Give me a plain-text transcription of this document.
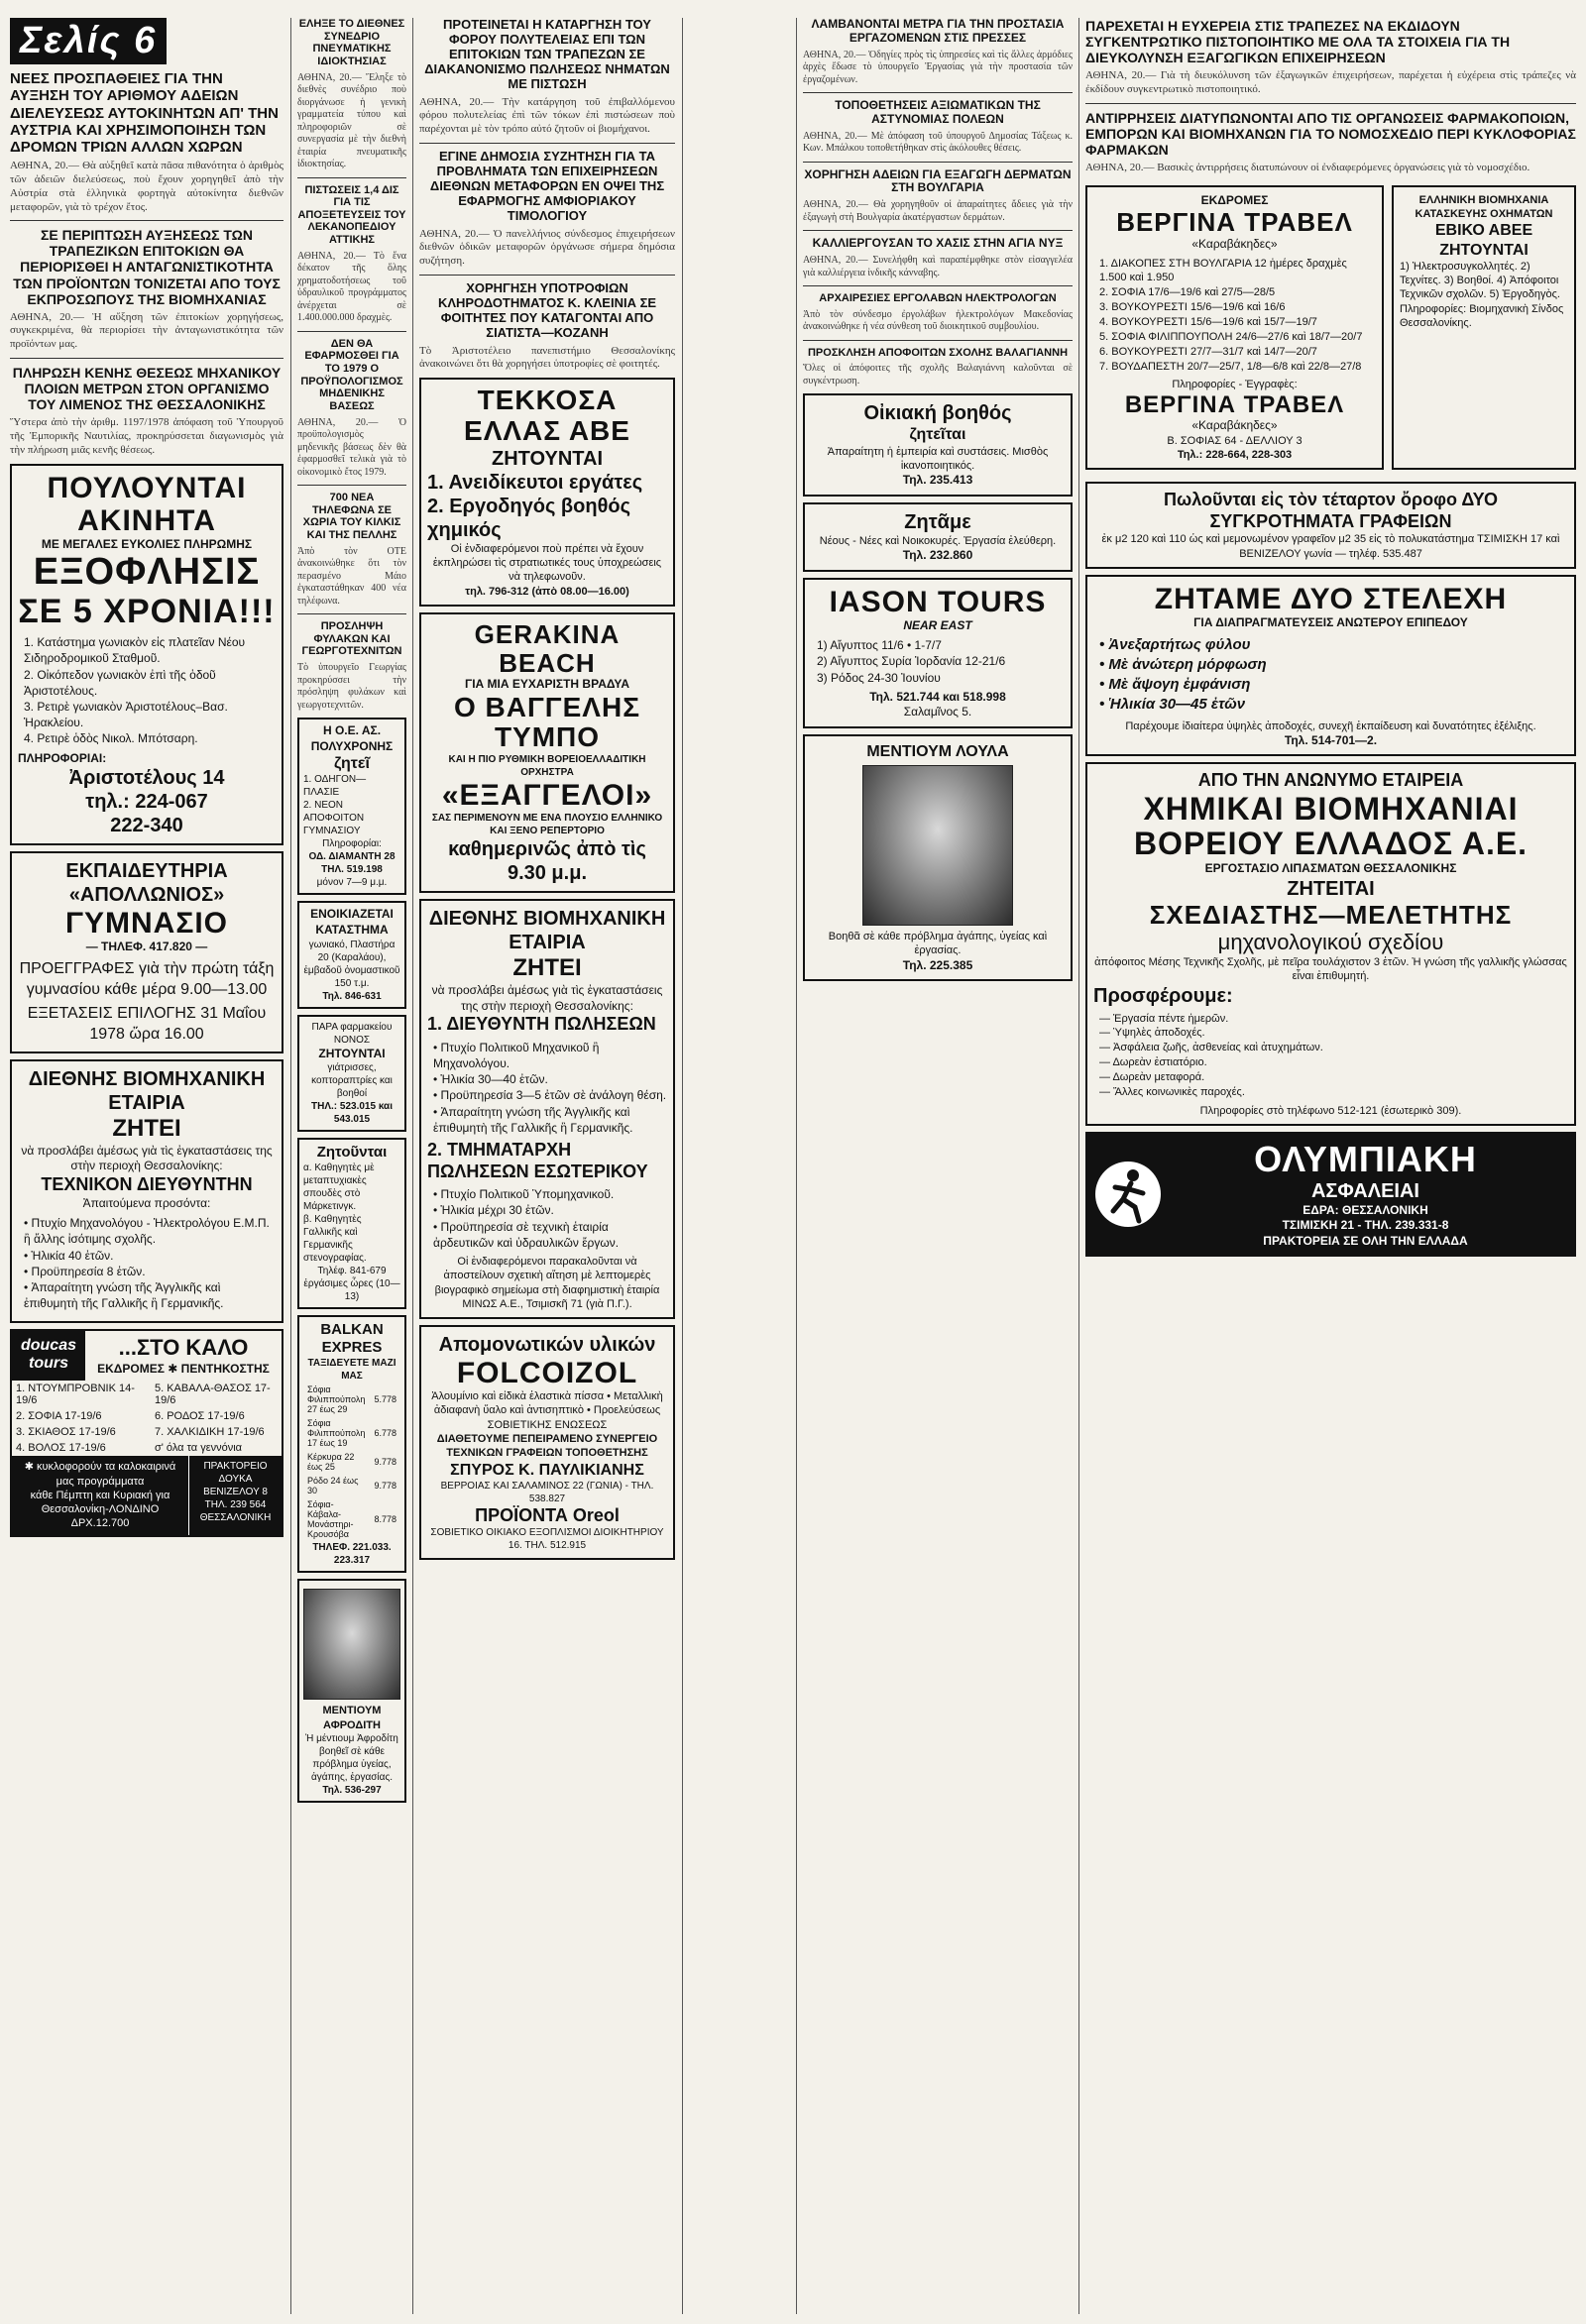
Σελίς 6
ΝΕΕΣ ΠΡΟΣΠΑΘΕΙΕΣ ΓΙΑ ΤΗΝ ΑΥΞΗΣΗ ΤΟΥ ΑΡΙΘΜΟΥ ΑΔΕΙΩΝ ΔΙΕΛΕΥΣΕΩΣ ΑΥΤΟΚΙΝΗΤΩΝ ΑΠ' ΤΗΝ ΑΥΣΤΡΙΑ ΚΑΙ ΧΡΗΣΙΜΟΠΟΙΗΣΗ ΤΩΝ ΔΡΟΜΩΝ ΤΡΙΩΝ ΑΛΛΩΝ ΧΩΡΩΝ

ΑΘΗΝΑ, 20.— Θὰ αὐξηθεῖ κατὰ πᾶσα πιθανότητα ὁ ἀριθμὸς τῶν ἀδειῶν διελεύσεως, ποὺ ἔχουν χορηγηθεῖ ἀπὸ τὴν Αὐστρία στὰ ἑλληνικὰ φορτηγὰ αὐτοκίνητα διεθνῶν μεταφορῶν, γιὰ τὸ τρέχον ἔτος.

ΣΕ ΠΕΡΙΠΤΩΣΗ ΑΥΞΗΣΕΩΣ ΤΩΝ ΤΡΑΠΕΖΙΚΩΝ ΕΠΙΤΟΚΙΩΝ ΘΑ ΠΕΡΙΟΡΙΣΘΕΙ Η ΑΝΤΑΓΩΝΙΣΤΙΚΟΤΗΤΑ ΤΩΝ ΠΡΟΪΟΝΤΩΝ ΤΟΝΙΖΕΤΑΙ ΑΠΟ ΤΟΥΣ ΕΚΠΡΟΣΩΠΟΥΣ ΤΗΣ ΒΙΟΜΗΧΑΝΙΑΣ

ΑΘΗΝΑ, 20.— Ἡ αὔξηση τῶν ἐπιτοκίων χορηγήσεως, συγκεκριμένα, θὰ περιορίσει τὴν ἀνταγωνιστικότητα τῶν προϊόντων μας.

ΠΛΗΡΩΣΗ ΚΕΝΗΣ ΘΕΣΕΩΣ ΜΗΧΑΝΙΚΟΥ ΠΛΟΙΩΝ ΜΕΤΡΩΝ ΣΤΟΝ ΟΡΓΑΝΙΣΜΟ ΤΟΥ ΛΙΜΕΝΟΣ ΤΗΣ ΘΕΣΣΑΛΟΝΙΚΗΣ

Ὕστερα ἀπὸ τὴν ἀριθμ. 1197/1978 ἀπόφαση τοῦ Ὑπουργοῦ τῆς Ἐμπορικῆς Ναυτιλίας, προκηρύσσεται διαγωνισμὸς γιὰ τὴν πλήρωση μιᾶς κενῆς θέσεως.

ΠΟΥΛΟΥΝΤΑΙ ΑΚΙΝΗΤΑ
ΜΕ ΜΕΓΑΛΕΣ ΕΥΚΟΛΙΕΣ ΠΛΗΡΩΜΗΣ
ΕΞΟΦΛΗΣΙΣ
ΣΕ 5 ΧΡΟΝΙΑ!!!
1. Κατάστημα γωνιακὸν εἰς πλατεῖαν Νέου Σιδηροδρομικοῦ Σταθμοῦ.
2. Οἰκόπεδον γωνιακὸν ἐπὶ τῆς ὁδοῦ Ἀριστοτέλους.
3. Ρετιρὲ γωνιακὸν Ἀριστοτέλους–Βασ. Ἡρακλείου.
4. Ρετιρὲ ὁδὸς Νικολ. Μπότσαρη.
ΠΛΗΡΟΦΟΡΙΑΙ:
Ἀριστοτέλους 14
τηλ.: 224-067
222-340
ΕΚΠΑΙΔΕΥΤΗΡΙΑ «ΑΠΟΛΛΩΝΙΟΣ»
ΓΥΜΝΑΣΙΟ
— ΤΗΛΕΦ. 417.820 —
ΠΡΟΕΓΓΡΑΦΕΣ γιὰ τὴν πρώτη τάξη γυμνασίου κάθε μέρα 9.00—13.00
ΕΞΕΤΑΣΕΙΣ ΕΠΙΛΟΓΗΣ 31 Μαΐου 1978 ὥρα 16.00
ΔΙΕΘΝΗΣ ΒΙΟΜΗΧΑΝΙΚΗ ΕΤΑΙΡΙΑ
ΖΗΤΕΙ
νὰ προσλάβει ἀμέσως γιὰ τὶς ἐγκαταστάσεις της στὴν περιοχὴ Θεσσαλονίκης:
ΤΕΧΝΙΚΟΝ ΔΙΕΥΘΥΝΤΗΝ
Ἀπαιτούμενα προσόντα:
• Πτυχίο Μηχανολόγου - Ἠλεκτρολόγου Ε.Μ.Π. ἢ ἄλλης ἰσότιμης σχολῆς.
• Ἡλικία 40 ἐτῶν.
• Προϋπηρεσία 8 ἐτῶν.
• Ἀπαραίτητη γνώση τῆς Ἀγγλικῆς καὶ ἐπιθυμητὴ τῆς Γαλλικῆς ἢ Γερμανικῆς.
doucas tours
...ΣΤΟ ΚΑΛΟ
ΕΚΔΡΟΜΕΣ ✱ ΠΕΝΤΗΚΟΣΤΗΣ
1. ΝΤΟΥΜΠΡΟΒΝΙΚ 14-19/6	5. ΚΑΒΑΛΑ-ΘΑΣΟΣ 17-19/6
2. ΣΟΦΙΑ 17-19/6	6. ΡΟΔΟΣ 17-19/6
3. ΣΚΙΑΘΟΣ 17-19/6	7. ΧΑΛΚΙΔΙΚΗ 17-19/6
4. ΒΟΛΟΣ 17-19/6	σ' όλα τα γεννόνια
✱ κυκλοφορούν τα καλοκαιρινά μας προγράμματα
κάθε Πέμπτη και Κυριακή για Θεσσαλονίκη-ΛΟΝΔΙΝΟ ΔΡΧ.12.700
ΠΡΑΚΤΟΡΕΙΟ ΔΟΥΚΑ ΒΕΝΙΖΕΛΟΥ 8 ΤΗΛ. 239 564 ΘΕΣΣΑΛΟΝΙΚΗ
ΕΛΗΞΕ ΤΟ ΔΙΕΘΝΕΣ ΣΥΝΕΔΡΙΟ ΠΝΕΥΜΑΤΙΚΗΣ ΙΔΙΟΚΤΗΣΙΑΣ

ΑΘΗΝΑ, 20.— Ἔληξε τὸ διεθνὲς συνέδριο ποὺ διοργάνωσε ἡ γενικὴ γραμματεία τύπου καὶ πληροφοριῶν σὲ συνεργασία μὲ τὴν διεθνὴ ἑταιρία πνευματικῆς ἰδιοκτησίας.

ΠΙΣΤΩΣΕΙΣ 1,4 ΔΙΣ ΓΙΑ ΤΙΣ ΑΠΟΞΕΤΕΥΣΕΙΣ ΤΟΥ ΛΕΚΑΝΟΠΕΔΙΟΥ ΑΤΤΙΚΗΣ

ΑΘΗΝΑ, 20.— Τὸ ἕνα δέκατον τῆς ὅλης χρηματοδοτήσεως τοῦ ὑδραυλικοῦ προγράμματος ἀνέρχεται σὲ 1.400.000.000 δραχμὲς.

ΔΕΝ ΘΑ ΕΦΑΡΜΟΣΘΕΙ ΓΙΑ ΤΟ 1979 Ο ΠΡΟΫΠΟΛΟΓΙΣΜΟΣ ΜΗΔΕΝΙΚΗΣ ΒΑΣΕΩΣ

ΑΘΗΝΑ, 20.— Ὁ προϋπολογισμὸς μηδενικῆς βάσεως δὲν θὰ ἐφαρμοσθεῖ τελικὰ γιὰ τὸ οἰκονομικὸ ἔτος 1979.

700 ΝΕΑ ΤΗΛΕΦΩΝΑ ΣΕ ΧΩΡΙΑ ΤΟΥ ΚΙΛΚΙΣ ΚΑΙ ΤΗΣ ΠΕΛΛΗΣ

Ἀπὸ τὸν ΟΤΕ ἀνακοινώθηκε ὅτι τὸν περασμένο Μάιο ἐγκαταστάθηκαν 400 νέα τηλέφωνα.

ΠΡΟΣΛΗΨΗ ΦΥΛΑΚΩΝ ΚΑΙ ΓΕΩΡΓΟΤΕΧΝΙΤΩΝ

Τὸ ὑπουργεῖο Γεωργίας προκηρύσσει τὴν πρόσληψη φυλάκων καὶ γεωργοτεχνιτῶν.

Η Ο.Ε. ΑΣ. ΠΟΛΥΧΡΟΝΗΣ
ζητεῖ
1. ΟΔΗΓΟΝ—ΠΛΑΣΙΕ
2. ΝΕΟΝ ΑΠΟΦΟΙΤΟΝ ΓΥΜΝΑΣΙΟΥ
Πληροφορίαι:
ΟΔ. ΔΙΑΜΑΝΤΗ 28
ΤΗΛ. 519.198
μόνον 7—9 μ.μ.
ΕΝΟΙΚΙΑΖΕΤΑΙ ΚΑΤΑΣΤΗΜΑ
γωνιακό, Πλαστήρα 20 (Καραλάου), ἐμβαδοῦ ὀνομαστικοῦ 150 τ.μ.
Τηλ. 846-631
ΠΑΡΑ φαρμακείου ΝΟΝΟΣ
ΖΗΤΟΥΝΤΑΙ
γιάτρισσες, κοπτοραπτρίες και βοηθοί
ΤΗΛ.: 523.015 και 543.015
Ζητοῦνται
α. Καθηγητὲς μὲ μεταπτυχιακὲς σπουδὲς στὸ Μάρκετινγκ.
β. Καθηγητὲς Γαλλικῆς καὶ Γερμανικῆς στενογραφίας.
Τηλέφ. 841-679
ἐργάσιμες ὧρες (10—13)
BALKAN EXPRES
ΤΑΞΙΔΕΥΕΤΕ ΜΑΖΙ ΜΑΣ
Σόφια Φιλιππούπολη 27 έως 29	5.778
Σόφια Φιλιππούπολη 17 έως 19	6.778
Κέρκυρα 22 έως 25	9.778
Ρόδο 24 έως 30	9.778
Σόφια-Κάβαλα-Μονάστηρι-Κρουσόβα	8.778
ΤΗΛΕΦ. 221.033. 223.317
ΜΕΝΤΙΟΥΜ ΑΦΡΟΔΙΤΗ
Ἡ μέντιουμ Ἀφροδίτη βοηθεῖ σὲ κάθε πρόβλημα ὑγείας, ἀγάπης, ἐργασίας.
Τηλ. 536-297
ΠΡΟΤΕΙΝΕΤΑΙ Η ΚΑΤΑΡΓΗΣΗ ΤΟΥ ΦΟΡΟΥ ΠΟΛΥΤΕΛΕΙΑΣ ΕΠΙ ΤΩΝ ΕΠΙΤΟΚΙΩΝ ΤΩΝ ΤΡΑΠΕΖΩΝ ΣΕ ΔΙΑΚΑΝΟΝΙΣΜΟ ΠΩΛΗΣΕΩΣ ΝΗΜΑΤΩΝ ΜΕ ΠΙΣΤΩΣΗ

ΑΘΗΝΑ, 20.— Τὴν κατάργηση τοῦ ἐπιβαλλόμενου φόρου πολυτελείας ἐπὶ τῶν τόκων ἐπὶ πιστώσεων ποὺ παρέχονται μὲ τὸν τρόπο αὐτό ζητοῦν οἱ βιομήχανοι.

ΕΓΙΝΕ ΔΗΜΟΣΙΑ ΣΥΖΗΤΗΣΗ ΓΙΑ ΤΑ ΠΡΟΒΛΗΜΑΤΑ ΤΩΝ ΕΠΙΧΕΙΡΗΣΕΩΝ ΔΙΕΘΝΩΝ ΜΕΤΑΦΟΡΩΝ ΕΝ ΟΨΕΙ ΤΗΣ ΕΦΑΡΜΟΓΗΣ ΑΜΦΙΟΡΙΑΚΟΥ ΤΙΜΟΛΟΓΙΟΥ

ΑΘΗΝΑ, 20.— Ὁ πανελλήνιος σύνδεσμος ἐπιχειρήσεων διεθνῶν ὁδικῶν μεταφορῶν ὀργάνωσε σήμερα δημόσια συζήτηση.

ΧΟΡΗΓΗΣΗ ΥΠΟΤΡΟΦΙΩΝ ΚΛΗΡΟΔΟΤΗΜΑΤΟΣ Κ. ΚΛΕΙΝΙΑ ΣΕ ΦΟΙΤΗΤΕΣ ΠΟΥ ΚΑΤΑΓΟΝΤΑΙ ΑΠΟ ΣΙΑΤΙΣΤΑ—ΚΟΖΑΝΗ

Τὸ Ἀριστοτέλειο πανεπιστήμιο Θεσσαλονίκης ἀνακοινώνει ὅτι θὰ χορηγήσει ὑποτροφίες σὲ φοιτητές.

ΤΕΚΚΟΣΑ ΕΛΛΑΣ ΑΒΕ
ΖΗΤΟΥΝΤΑΙ
1. Ανειδίκευτοι εργάτες
2. Εργοδηγός βοηθός χημικός
Οἱ ἐνδιαφερόμενοι ποὺ πρέπει νὰ ἔχουν ἐκπληρώσει τὶς στρατιωτικές τους ὑποχρεώσεις νὰ τηλεφωνοῦν.
τηλ. 796-312 (ἀπὸ 08.00—16.00)
GERAKINA BEACH
ΓΙΑ ΜΙΑ ΕΥΧΑΡΙΣΤΗ ΒΡΑΔΥΑ
Ο ΒΑΓΓΕΛΗΣ ΤΥΜΠΟ
ΚΑΙ Η ΠΙΟ ΡΥΘΜΙΚΗ ΒΟΡΕΙΟΕΛΛΑΔΙΤΙΚΗ ΟΡΧΗΣΤΡΑ
«ΕΞΑΓΓΕΛΟΙ»
ΣΑΣ ΠΕΡΙΜΕΝΟΥΝ ΜΕ ΕΝΑ ΠΛΟΥΣΙΟ ΕΛΛΗΝΙΚΟ ΚΑΙ ΞΕΝΟ ΡΕΠΕΡΤΟΡΙΟ
καθημερινῶς ἀπὸ τὶς 9.30 μ.μ.
ΔΙΕΘΝΗΣ ΒΙΟΜΗΧΑΝΙΚΗ ΕΤΑΙΡΙΑ
ΖΗΤΕΙ
νὰ προσλάβει ἀμέσως γιὰ τὶς ἐγκαταστάσεις της στὴν περιοχὴ Θεσσαλονίκης:
1. ΔΙΕΥΘΥΝΤΗ ΠΩΛΗΣΕΩΝ
• Πτυχίο Πολιτικοῦ Μηχανικοῦ ἢ Μηχανολόγου.
• Ἡλικία 30—40 ἐτῶν.
• Προϋπηρεσία 3—5 ἐτῶν σὲ ἀνάλογη θέση.
• Ἀπαραίτητη γνώση τῆς Ἀγγλικῆς καὶ ἐπιθυμητὴ τῆς Γαλλικῆς ἢ Γερμανικῆς.
2. ΤΜΗΜΑΤΑΡΧΗ ΠΩΛΗΣΕΩΝ ΕΣΩΤΕΡΙΚΟΥ
• Πτυχίο Πολιτικοῦ Ὑπομηχανικοῦ.
• Ἡλικία μέχρι 30 ἐτῶν.
• Προϋπηρεσία σὲ τεχνικὴ ἑταιρία ἀρδευτικῶν καὶ ὑδραυλικῶν ἔργων.
Οἱ ἐνδιαφερόμενοι παρακαλοῦνται νὰ ἀποστείλουν σχετικὴ αἴτηση μὲ λεπτομερὲς βιογραφικὸ σημείωμα στὴ διαφημιστικὴ ἑταιρία ΜΙΝΩΣ Α.Ε., Τσιμισκῆ 71 (γιὰ Π.Γ.).
Απομονωτικών υλικών
FOLCOIZOL
Ἀλουμίνιο καὶ εἰδικὰ ἐλαστικὰ πίσσα • Μεταλλικὴ ἀδιαφανὴ ὕαλο καὶ ἀντισηπτικὸ • Προελεύσεως ΣΟΒΙΕΤΙΚΗΣ ΕΝΩΣΕΩΣ
ΔΙΑΘΕΤΟΥΜΕ ΠΕΠΕΙΡΑΜΕΝΟ ΣΥΝΕΡΓΕΙΟ ΤΕΧΝΙΚΩΝ ΓΡΑΦΕΙΩΝ ΤΟΠΟΘΕΤΗΣΗΣ
ΣΠΥΡΟΣ Κ. ΠΑΥΛΙΚΙΑΝΗΣ
ΒΕΡΡΟΙΑΣ ΚΑΙ ΣΑΛΑΜΙΝΟΣ 22 (ΓΩΝΙΑ) - ΤΗΛ. 538.827
ΠΡΟΪΟΝΤΑ Oreol
ΣΟΒΙΕΤΙΚΟ ΟΙΚΙΑΚΟ ΕΞΟΠΛΙΣΜΟΙ ΔΙΟΙΚΗΤΗΡΙΟΥ 16. ΤΗΛ. 512.915
ΛΑΜΒΑΝΟΝΤΑΙ ΜΕΤΡΑ ΓΙΑ ΤΗΝ ΠΡΟΣΤΑΣΙΑ ΕΡΓΑΖΟΜΕΝΩΝ ΣΤΙΣ ΠΡΕΣΣΕΣ

ΑΘΗΝΑ, 20.— Ὁδηγίες πρὸς τὶς ὑπηρεσίες καὶ τὶς ἄλλες ἁρμόδιες ἀρχὲς ἔδωσε τὸ ὑπουργεῖο Ἐργασίας γιὰ τὴν προστασία τῶν ἐργαζομένων.

ΤΟΠΟΘΕΤΗΣΕΙΣ ΑΞΙΩΜΑΤΙΚΩΝ ΤΗΣ ΑΣΤΥΝΟΜΙΑΣ ΠΟΛΕΩΝ

ΑΘΗΝΑ, 20.— Μὲ ἀπόφαση τοῦ ὑπουργοῦ Δημοσίας Τάξεως κ. Κων. Μπάλκου τοποθετήθηκαν στὶς ἀκόλουθες θέσεις.

ΧΟΡΗΓΗΣΗ ΑΔΕΙΩΝ ΓΙΑ ΕΞΑΓΩΓΗ ΔΕΡΜΑΤΩΝ ΣΤΗ ΒΟΥΛΓΑΡΙΑ

ΑΘΗΝΑ, 20.— Θὰ χορηγηθοῦν οἱ ἀπαραίτητες ἄδειες γιὰ τὴν ἐξαγωγὴ στὴ Βουλγαρία ἀκατέργαστων δερμάτων.

ΚΑΛΛΙΕΡΓΟΥΣΑΝ ΤΟ ΧΑΣΙΣ ΣΤΗΝ ΑΓΙΑ ΝΥΞ

ΑΘΗΝΑ, 20.— Συνελήφθη καὶ παραπέμφθηκε στὸν εἰσαγγελέα γιὰ καλλιέργεια ἰνδικῆς κάνναβης.

ΑΡΧΑΙΡΕΣΙΕΣ ΕΡΓΟΛΑΒΩΝ ΗΛΕΚΤΡΟΛΟΓΩΝ

Ἀπὸ τὸν σύνδεσμο ἐργολάβων ἠλεκτρολόγων Μακεδονίας ἀνακοινώθηκε ἡ νέα σύνθεση τοῦ διοικητικοῦ συμβουλίου.

ΠΡΟΣΚΛΗΣΗ ΑΠΟΦΟΙΤΩΝ ΣΧΟΛΗΣ ΒΑΛΑΓΙΑΝΝΗ

Ὅλες οἱ ἀπόφοιτες τῆς σχολῆς Βαλαγιάννη καλοῦνται σὲ συγκέντρωση.

Οἰκιακή βοηθός
ζητεῖται
Ἀπαραίτητη ἡ ἐμπειρία καὶ συστάσεις. Μισθὸς ἱκανοποιητικός.
Τηλ. 235.413
Ζητᾶμε
Νέους - Νέες καὶ Νοικοκυρές. Ἐργασία ἐλεύθερη.
Τηλ. 232.860
IASON TOURS
NEAR EAST
1) Αἴγυπτος 11/6 • 1-7/7
2) Αἴγυπτος Συρία Ἰορδανία 12-21/6
3) Ρόδος 24-30 Ἰουνίου
Τηλ. 521.744 και 518.998
Σαλαμῖνος 5.
ΜΕΝΤΙΟΥΜ ΛΟΥΛΑ
Βοηθᾶ σὲ κάθε πρόβλημα ἀγάπης, ὑγείας καὶ ἐργασίας.
Τηλ. 225.385
ΠΑΡΕΧΕΤΑΙ Η ΕΥΧΕΡΕΙΑ ΣΤΙΣ ΤΡΑΠΕΖΕΣ ΝΑ ΕΚΔΙΔΟΥΝ ΣΥΓΚΕΝΤΡΩΤΙΚΟ ΠΙΣΤΟΠΟΙΗΤΙΚΟ ΜΕ ΟΛΑ ΤΑ ΣΤΟΙΧΕΙΑ ΓΙΑ ΤΗ ΔΙΕΥΚΟΛΥΝΣΗ ΕΞΑΓΩΓΙΚΩΝ ΕΠΙΧΕΙΡΗΣΕΩΝ

ΑΘΗΝΑ, 20.— Γιὰ τὴ διευκόλυνση τῶν ἐξαγωγικῶν ἐπιχειρήσεων, παρέχεται ἡ εὐχέρεια στὶς τράπεζες νὰ ἐκδίδουν συγκεντρωτικὸ πιστοποιητικό.

ΑΝΤΙΡΡΗΣΕΙΣ ΔΙΑΤΥΠΩΝΟΝΤΑΙ ΑΠΟ ΤΙΣ ΟΡΓΑΝΩΣΕΙΣ ΦΑΡΜΑΚΟΠΟΙΩΝ, ΕΜΠΟΡΩΝ ΚΑΙ ΒΙΟΜΗΧΑΝΩΝ ΓΙΑ ΤΟ ΝΟΜΟΣΧΕΔΙΟ ΠΕΡΙ ΚΥΚΛΟΦΟΡΙΑΣ ΦΑΡΜΑΚΩΝ

ΑΘΗΝΑ, 20.— Βασικὲς ἀντιρρήσεις διατυπώνουν οἱ ἐνδιαφερόμενες ὀργανώσεις γιὰ τὸ νομοσχέδιο.

ΕΚΔΡΟΜΕΣ
ΒΕΡΓΙΝΑ ΤΡΑΒΕΛ
«Καραβάκηδες»
1. ΔΙΑΚΟΠΕΣ ΣΤΗ ΒΟΥΛΓΑΡΙΑ 12 ἡμέρες δραχμὲς 1.500 καὶ 1.950
2. ΣΟΦΙΑ 17/6—19/6 καὶ 27/5—28/5
3. ΒΟΥΚΟΥΡΕΣΤΙ 15/6—19/6 καὶ 16/6
4. ΒΟΥΚΟΥΡΕΣΤΙ 15/6—19/6 καὶ 15/7—19/7
5. ΣΟΦΙΑ ΦΙΛΙΠΠΟΥΠΟΛΗ 24/6—27/6 καὶ 18/7—20/7
6. ΒΟΥΚΟΥΡΕΣΤΙ 27/7—31/7 καὶ 14/7—20/7
7. ΒΟΥΔΑΠΕΣΤΗ 20/7—25/7, 1/8—6/8 καὶ 22/8—27/8
Πληροφορίες - Ἐγγραφὲς:
ΒΕΡΓΙΝΑ ΤΡΑΒΕΛ
«Καραβάκηδες»
Β. ΣΟΦΙΑΣ 64 - ΔΕΛΛΙΟΥ 3
Τηλ.: 228-664, 228-303
ΕΛΛΗΝΙΚΗ ΒΙΟΜΗΧΑΝΙΑ ΚΑΤΑΣΚΕΥΗΣ ΟΧΗΜΑΤΩΝ
ΕΒΙΚΟ ΑΒΕΕ
ΖΗΤΟΥΝΤΑΙ
1) Ἠλεκτροσυγκολλητές. 2) Τεχνίτες. 3) Βοηθοί. 4) Ἀπόφοιτοι Τεχνικῶν σχολῶν. 5) Ἐργοδηγὸς.
Πληροφορίες: Βιομηχανικὴ Σίνδος Θεσσαλονίκης.
Πωλοῦνται εἰς τὸν τέταρτον ὄροφο ΔΥΟ ΣΥΓΚΡΟΤΗΜΑΤΑ ΓΡΑΦΕΙΩΝ
ἐκ μ2 120 καὶ 110 ὡς καὶ μεμονωμένον γραφεῖον μ2 35 εἰς τὸ πολυκατάστημα ΤΣΙΜΙΣΚΗ 17 καὶ ΒΕΝΙΖΕΛΟΥ γωνία — τηλέφ. 535.487
ΖΗΤΑΜΕ ΔΥΟ ΣΤΕΛΕΧΗ
ΓΙΑ ΔΙΑΠΡΑΓΜΑΤΕΥΣΕΙΣ ΑΝΩΤΕΡΟΥ ΕΠΙΠΕΔΟΥ
• Ἀνεξαρτήτως φύλου
• Μὲ ἀνώτερη μόρφωση
• Μὲ ἄψογη ἐμφάνιση
• Ἡλικία 30—45 ἐτῶν
Παρέχουμε ἰδιαίτερα ὑψηλὲς ἀποδοχές, συνεχῆ ἐκπαίδευση καὶ δυνατότητες ἐξέλιξης.
Τηλ. 514-701—2.
ΑΠΟ ΤΗΝ ΑΝΩΝΥΜΟ ΕΤΑΙΡΕΙΑ
ΧΗΜΙΚΑΙ ΒΙΟΜΗΧΑΝΙΑΙ ΒΟΡΕΙΟΥ ΕΛΛΑΔΟΣ Α.Ε.
ΕΡΓΟΣΤΑΣΙΟ ΛΙΠΑΣΜΑΤΩΝ ΘΕΣΣΑΛΟΝΙΚΗΣ
ΖΗΤΕΙΤΑΙ
ΣΧΕΔΙΑΣΤΗΣ—ΜΕΛΕΤΗΤΗΣ
μηχανολογικού σχεδίου
ἀπόφοιτος Μέσης Τεχνικῆς Σχολῆς, μὲ πεῖρα τουλάχιστον 3 ἐτῶν. Ἡ γνώση τῆς γαλλικῆς γλώσσας εἶναι ἐπιθυμητή.
Προσφέρουμε:
— Ἐργασία πέντε ἡμερῶν.
— Ὑψηλὲς ἀποδοχές.
— Ἀσφάλεια ζωῆς, ἀσθενείας καὶ ἀτυχημάτων.
— Δωρεὰν ἐστιατόριο.
— Δωρεὰν μεταφορά.
— Ἄλλες κοινωνικὲς παροχές.
Πληροφορίες στὸ τηλέφωνο 512-121 (ἐσωτερικὸ 309).
ΟΛΥΜΠΙΑΚΗ
ΑΣΦΑΛΕΙΑΙ
ΕΔΡΑ: ΘΕΣΣΑΛΟΝΙΚΗ
ΤΣΙΜΙΣΚΗ 21 - ΤΗΛ. 239.331-8
ΠΡΑΚΤΟΡΕΙΑ ΣΕ ΟΛΗ ΤΗΝ ΕΛΛΑΔΑ
